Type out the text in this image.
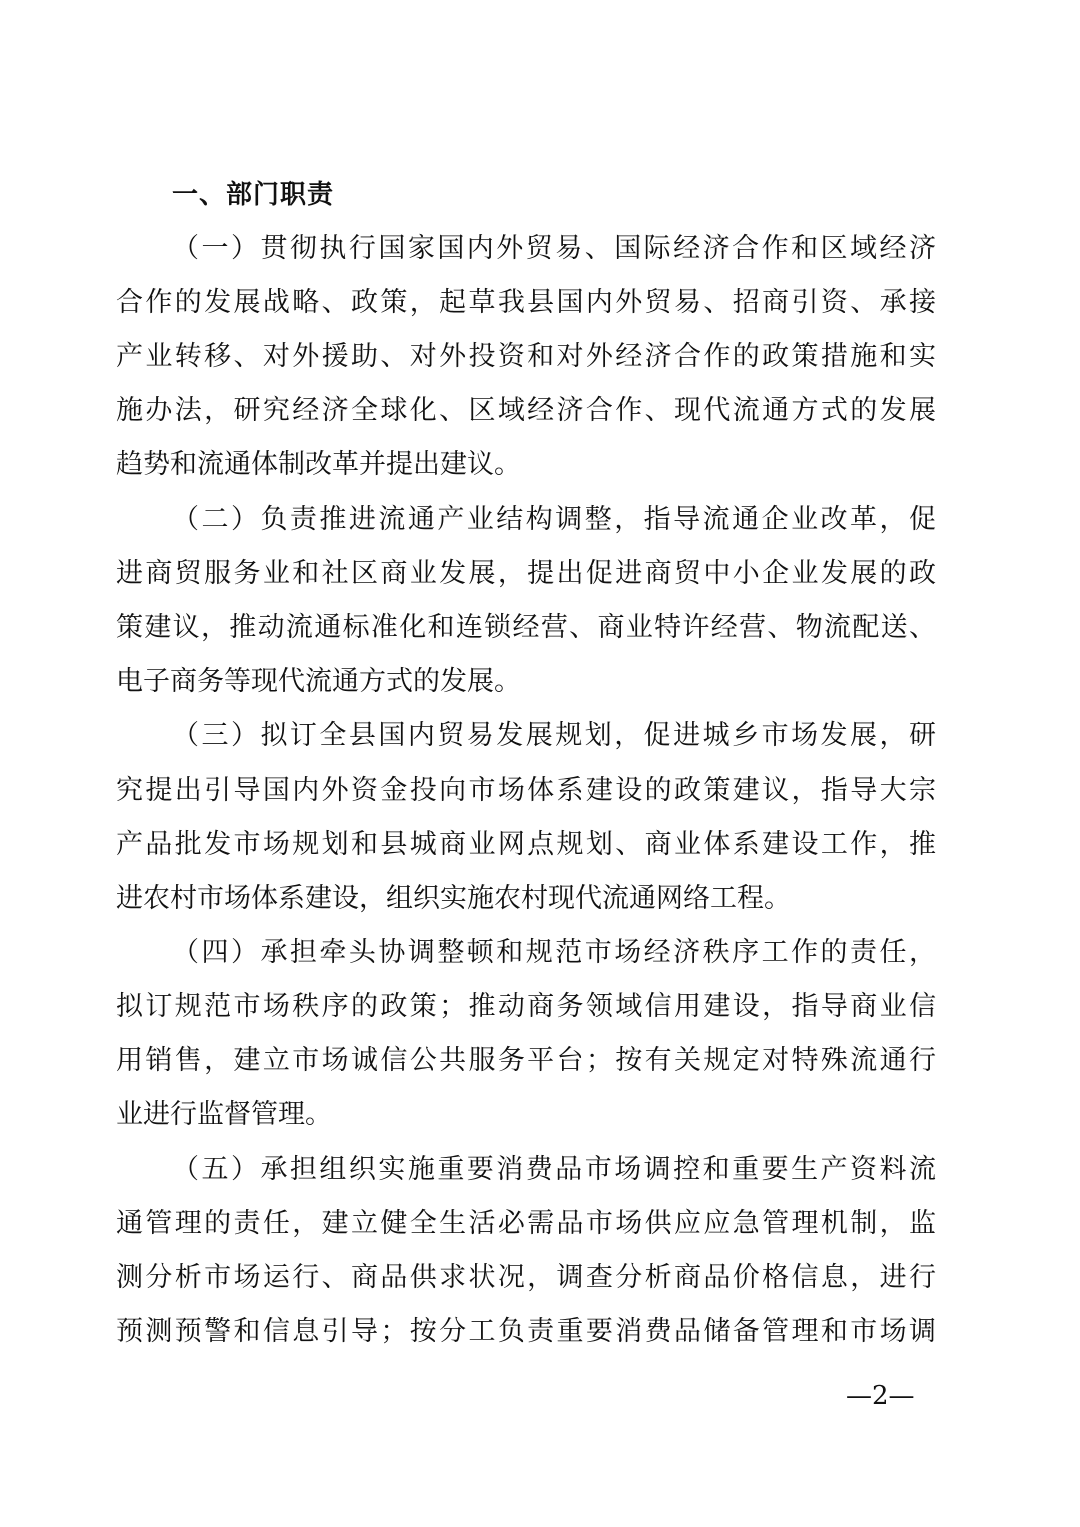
一、部门职责
（一）贯彻执行国家国内外贸易、国际经济合作和区域经济
合作的发展战略、政策，起草我县国内外贸易、招商引资、承接
产业转移、对外援助、对外投资和对外经济合作的政策措施和实
施办法，研究经济全球化、区域经济合作、现代流通方式的发展
趋势和流通体制改革并提出建议。
（二）负责推进流通产业结构调整，指导流通企业改革，促
进商贸服务业和社区商业发展，提出促进商贸中小企业发展的政
策建议，推动流通标准化和连锁经营、商业特许经营、物流配送、
电子商务等现代流通方式的发展。
（三）拟订全县国内贸易发展规划，促进城乡市场发展，研
究提出引导国内外资金投向市场体系建设的政策建议，指导大宗
产品批发市场规划和县城商业网点规划、商业体系建设工作，推
进农村市场体系建设，组织实施农村现代流通网络工程。
（四）承担牵头协调整顿和规范市场经济秩序工作的责任，
拟订规范市场秩序的政策；推动商务领域信用建设，指导商业信
用销售，建立市场诚信公共服务平台；按有关规定对特殊流通行
业进行监督管理。
（五）承担组织实施重要消费品市场调控和重要生产资料流
通管理的责任，建立健全生活必需品市场供应应急管理机制，监
测分析市场运行、商品供求状况，调查分析商品价格信息，进行
预测预警和信息引导；按分工负责重要消费品储备管理和市场调
—2—
